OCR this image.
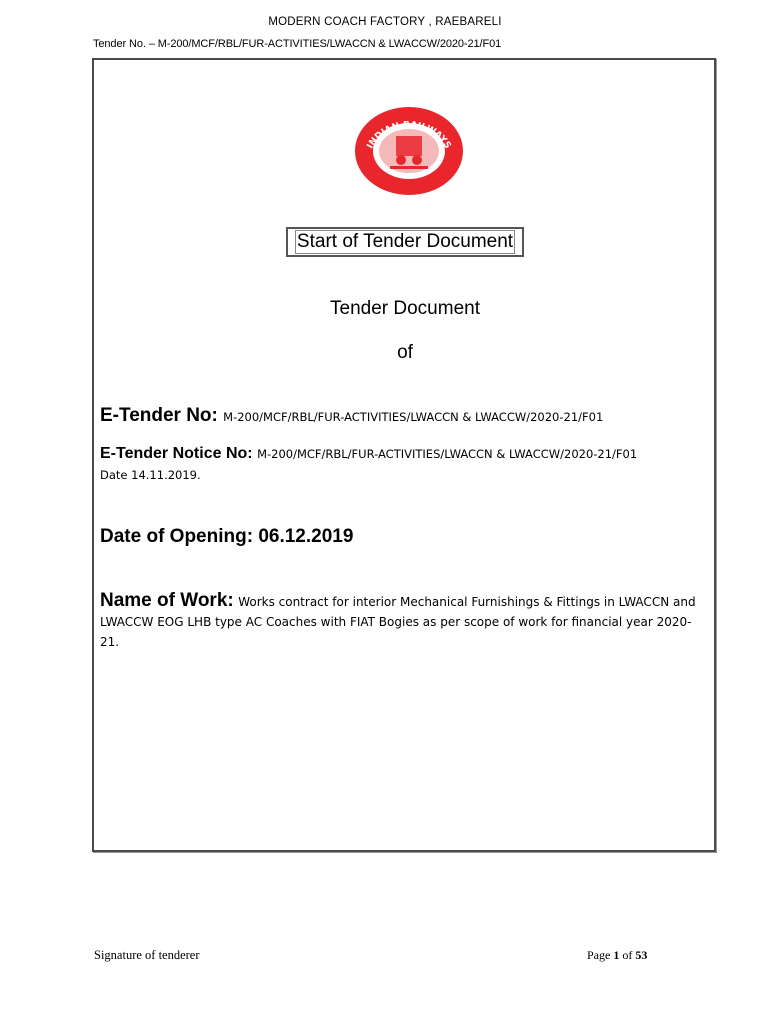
MODERN COACH FACTORY , RAEBARELI
Tender No. – M-200/MCF/RBL/FUR-ACTIVITIES/LWACCN & LWACCW/2020-21/F01
INDIAN RAILWAYS
Start of Tender Document
Tender Document
of
E-Tender No: M-200/MCF/RBL/FUR-ACTIVITIES/LWACCN & LWACCW/2020-21/F01
E-Tender Notice No: M-200/MCF/RBL/FUR-ACTIVITIES/LWACCN & LWACCW/2020-21/F01
Date 14.11.2019.
Date of Opening: 06.12.2019
Name of Work: Works contract for interior Mechanical Furnishings & Fittings in LWACCN and LWACCW EOG LHB type AC Coaches with FIAT Bogies as per scope of work for financial year 2020-21.
Signature of tenderer	Page 1 of 53
